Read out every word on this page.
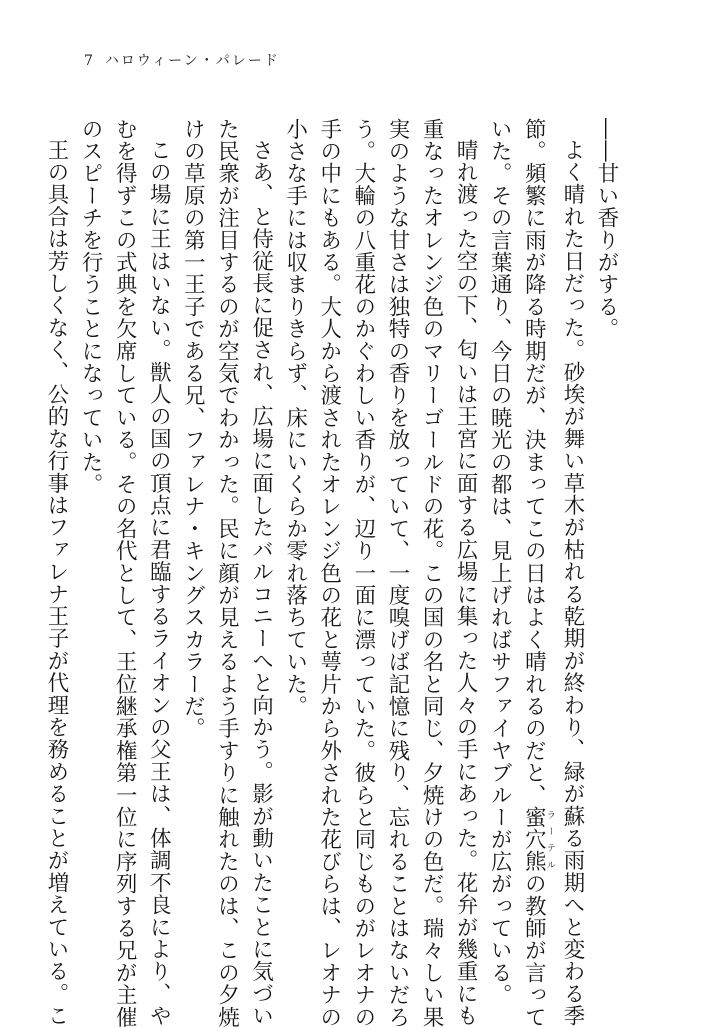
7 ハロウィーン・パレード
――甘い香りがする。
よく晴れた日だった。砂埃が舞い草木が枯れる乾期が終わり、緑が蘇る雨期へと変わる季
節。頻繁に雨が降る時期だが、決まってこの日はよく晴れるのだと、蜜穴熊ラーテルの教師が言って
いた。その言葉通り、今日の暁光の都は、見上げればサファイヤブルーが広がっている。
晴れ渡った空の下、匂いは王宮に面する広場に集った人々の手にあった。花弁が幾重にも
重なったオレンジ色のマリーゴールドの花。この国の名と同じ、夕焼けの色だ。瑞々しい果
実のような甘さは独特の香りを放っていて、一度嗅げば記憶に残り、忘れることはないだろ
う。大輪の八重花のかぐわしい香りが、辺り一面に漂っていた。彼らと同じものがレオナの
手の中にもある。大人から渡されたオレンジ色の花と萼片から外された花びらは、レオナの
小さな手には収まりきらず、床にいくらか零れ落ちていた。
さあ、と侍従長に促され、広場に面したバルコニーへと向かう。影が動いたことに気づい
た民衆が注目するのが空気でわかった。民に顔が見えるよう手すりに触れたのは、この夕焼
けの草原の第一王子である兄、ファレナ・キングスカラーだ。
この場に王はいない。獣人の国の頂点に君臨するライオンの父王は、体調不良により、や
むを得ずこの式典を欠席している。その名代として、王位継承権第一位に序列する兄が主催
のスピーチを行うことになっていた。
王の具合は芳しくなく、公的な行事はファレナ王子が代理を務めることが増えている。こ
